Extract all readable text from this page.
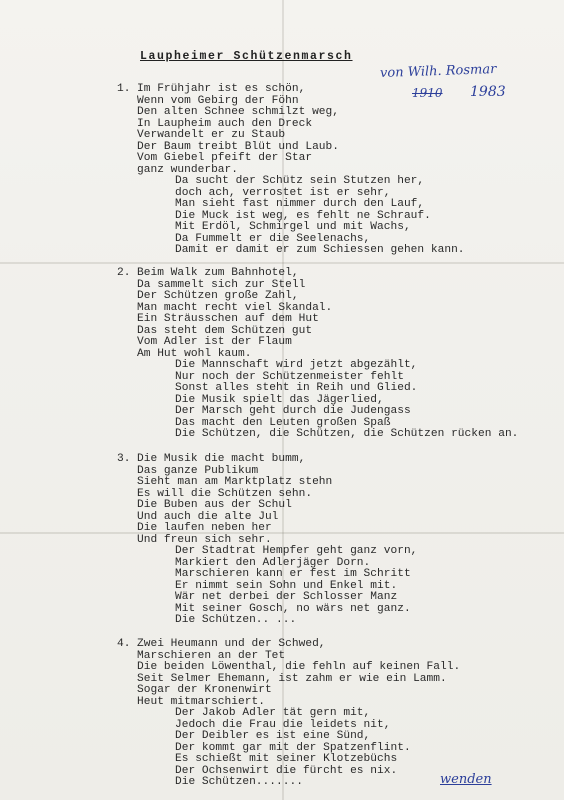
Laupheimer Schützenmarsch
von Wilh. Rosmar
1910 1983
1. Im Frühjahr ist es schön,
Wenn vom Gebirg der Föhn
Den alten Schnee schmilzt weg,
In Laupheim auch den Dreck
Verwandelt er zu Staub
Der Baum treibt Blüt und Laub.
Vom Giebel pfeift der Star
ganz wunderbar.
Da sucht der Schütz sein Stutzen her,
doch ach, verrostet ist er sehr,
Man sieht fast nimmer durch den Lauf,
Die Muck ist weg, es fehlt ne Schrauf.
Mit Erdöl, Schmirgel und mit Wachs,
Da Fummelt er die Seelenachs,
Damit er damit er zum Schiessen gehen kann.
2. Beim Walk zum Bahnhotel,
Da sammelt sich zur Stell
Der Schützen große Zahl,
Man macht recht viel Skandal.
Ein Sträusschen auf dem Hut
Das steht dem Schützen gut
Vom Adler ist der Flaum
Am Hut wohl kaum.
Die Mannschaft wird jetzt abgezählt,
Nur noch der Schützenmeister fehlt
Sonst alles steht in Reih und Glied.
Die Musik spielt das Jägerlied,
Der Marsch geht durch die Judengass
Das macht den Leuten großen Spaß
Die Schützen, die Schützen, die Schützen rücken an.
3. Die Musik die macht bumm,
Das ganze Publikum
Sieht man am Marktplatz stehn
Es will die Schützen sehn.
Die Buben aus der Schul
Und auch die alte Jul
Die laufen neben her
Und freun sich sehr.
Der Stadtrat Hempfer geht ganz vorn,
Markiert den Adlerjäger Dorn.
Marschieren kann er fest im Schritt
Er nimmt sein Sohn und Enkel mit.
Wär net derbei der Schlosser Manz
Mit seiner Gosch, no wärs net ganz.
Die Schützen.. ...
4. Zwei Heumann und der Schwed,
Marschieren an der Tet
Die beiden Löwenthal, die fehln auf keinen Fall.
Seit Selmer Ehemann, ist zahm er wie ein Lamm.
Sogar der Kronenwirt
Heut mitmarschiert.
Der Jakob Adler tät gern mit,
Jedoch die Frau die leidets nit,
Der Deibler es ist eine Sünd,
Der kommt gar mit der Spatzenflint.
Es schießt mit seiner Klotzebüchs
Der Ochsenwirt die fürcht es nix.
Die Schützen.......	wenden
